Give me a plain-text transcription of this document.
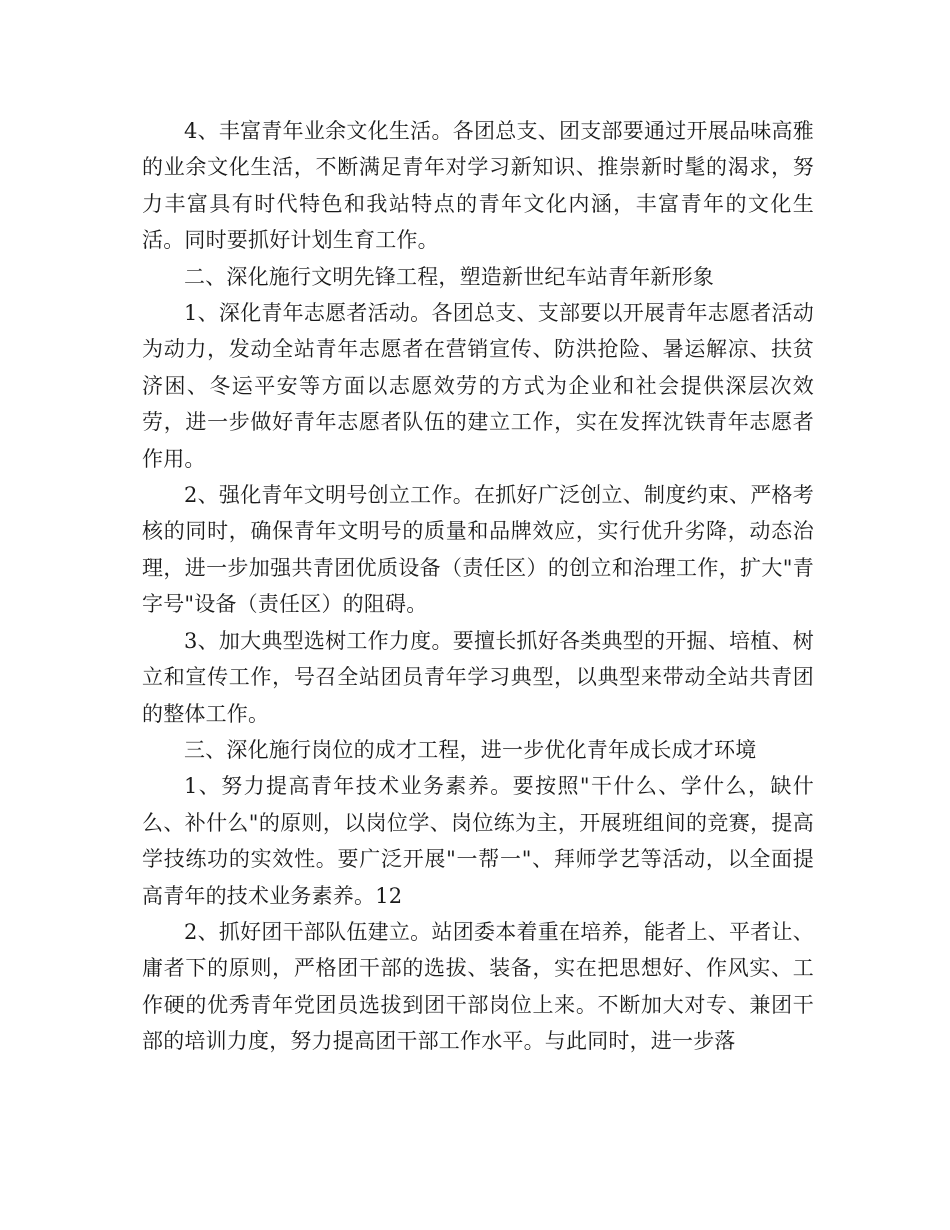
4、丰富青年业余文化生活。各团总支、团支部要通过开展品味高雅的业余文化生活，不断满足青年对学习新知识、推崇新时髦的渴求，努力丰富具有时代特色和我站特点的青年文化内涵，丰富青年的文化生活。同时要抓好计划生育工作。

二、深化施行文明先锋工程，塑造新世纪车站青年新形象

1、深化青年志愿者活动。各团总支、支部要以开展青年志愿者活动为动力，发动全站青年志愿者在营销宣传、防洪抢险、暑运解凉、扶贫济困、冬运平安等方面以志愿效劳的方式为企业和社会提供深层次效劳，进一步做好青年志愿者队伍的建立工作，实在发挥沈铁青年志愿者作用。

2、强化青年文明号创立工作。在抓好广泛创立、制度约束、严格考核的同时，确保青年文明号的质量和品牌效应，实行优升劣降，动态治理，进一步加强共青团优质设备（责任区）的创立和治理工作，扩大"青字号"设备（责任区）的阻碍。

3、加大典型选树工作力度。要擅长抓好各类典型的开掘、培植、树立和宣传工作，号召全站团员青年学习典型，以典型来带动全站共青团的整体工作。

三、深化施行岗位的成才工程，进一步优化青年成长成才环境

1、努力提高青年技术业务素养。要按照"干什么、学什么，缺什么、补什么"的原则，以岗位学、岗位练为主，开展班组间的竞赛，提高学技练功的实效性。要广泛开展"一帮一"、拜师学艺等活动，以全面提高青年的技术业务素养。12

2、抓好团干部队伍建立。站团委本着重在培养，能者上、平者让、庸者下的原则，严格团干部的选拔、装备，实在把思想好、作风实、工作硬的优秀青年党团员选拔到团干部岗位上来。不断加大对专、兼团干部的培训力度，努力提高团干部工作水平。与此同时，进一步落
